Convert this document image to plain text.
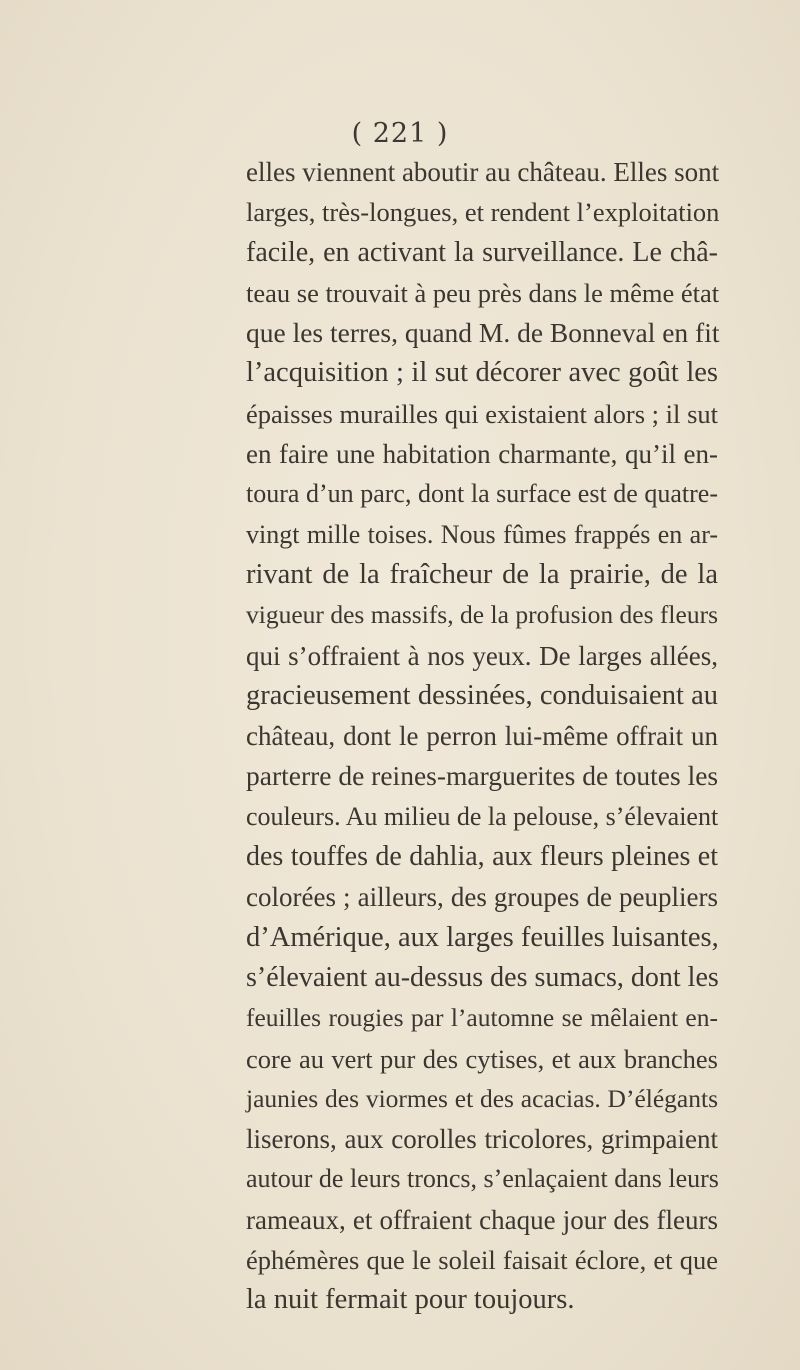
( 221 )
elles viennent aboutir au château. Elles sont
larges, très-longues, et rendent l’exploitation
facile, en activant la surveillance. Le châ-
teau se trouvait à peu près dans le même état
que les terres, quand M. de Bonneval en fit
l’acquisition ; il sut décorer avec goût les
épaisses murailles qui existaient alors ; il sut
en faire une habitation charmante, qu’il en-
toura d’un parc, dont la surface est de quatre-
vingt mille toises. Nous fûmes frappés en ar-
rivant de la fraîcheur de la prairie, de la
vigueur des massifs, de la profusion des fleurs
qui s’offraient à nos yeux. De larges allées,
gracieusement dessinées, conduisaient au
château, dont le perron lui-même offrait un
parterre de reines-marguerites de toutes les
couleurs. Au milieu de la pelouse, s’élevaient
des touffes de dahlia, aux fleurs pleines et
colorées ; ailleurs, des groupes de peupliers
d’Amérique, aux larges feuilles luisantes,
s’élevaient au-dessus des sumacs, dont les
feuilles rougies par l’automne se mêlaient en-
core au vert pur des cytises, et aux branches
jaunies des viormes et des acacias. D’élégants
liserons, aux corolles tricolores, grimpaient
autour de leurs troncs, s’enlaçaient dans leurs
rameaux, et offraient chaque jour des fleurs
éphémères que le soleil faisait éclore, et que
la nuit fermait pour toujours.
